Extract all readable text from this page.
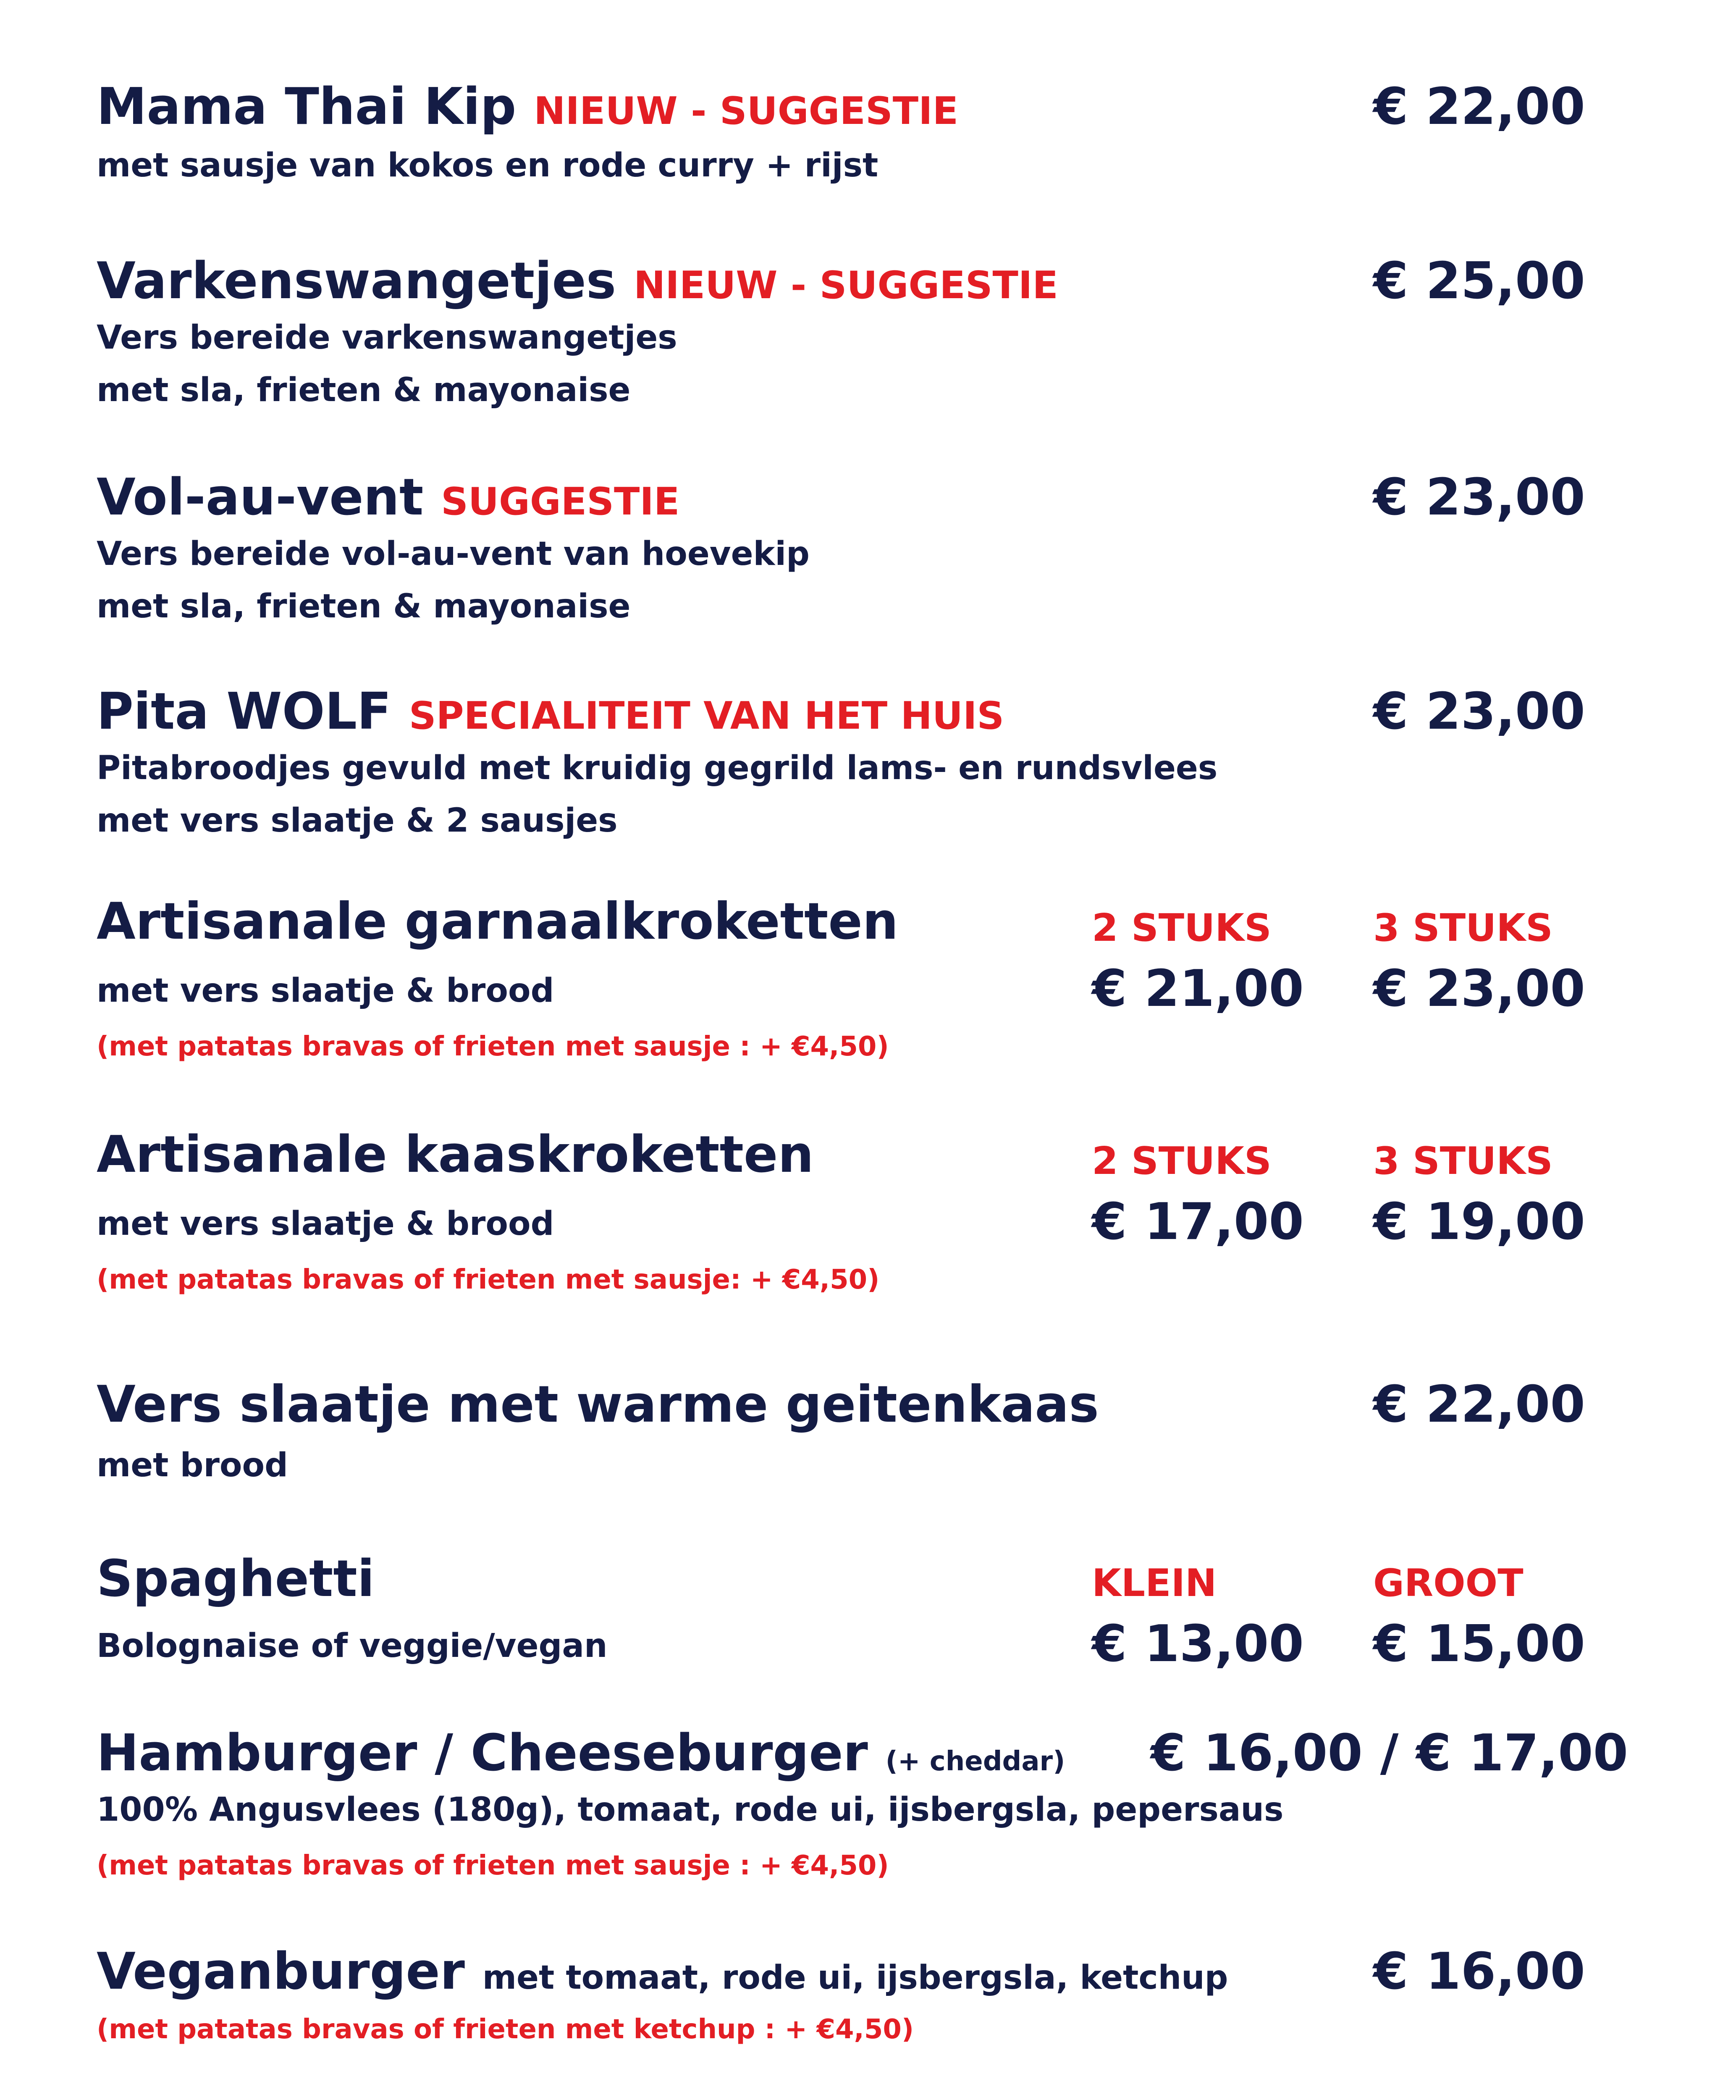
Mama Thai Kip NIEUW - SUGGESTIE	€ 22,00
met sausje van kokos en rode curry + rijst
Varkenswangetjes NIEUW - SUGGESTIE	€ 25,00
Vers bereide varkenswangetjes
met sla, frieten & mayonaise
Vol-au-vent SUGGESTIE	€ 23,00
Vers bereide vol-au-vent van hoevekip
met sla, frieten & mayonaise
Pita WOLF SPECIALITEIT VAN HET HUIS	€ 23,00
Pitabroodjes gevuld met kruidig gegrild lams- en rundsvlees
met vers slaatje & 2 sausjes
Artisanale garnaalkroketten	2 STUKS	3 STUKS
met vers slaatje & brood	€ 21,00 € 23,00
(met patatas bravas of frieten met sausje : + €4,50)
Artisanale kaaskroketten	2 STUKS	3 STUKS
met vers slaatje & brood	€ 17,00 € 19,00
(met patatas bravas of frieten met sausje: + €4,50)
Vers slaatje met warme geitenkaas	€ 22,00
met brood
Spaghetti	KLEIN	GROOT
Bolognaise of veggie/vegan	€ 13,00 € 15,00
Hamburger / Cheeseburger (+ cheddar) € 16,00 / € 17,00
100% Angusvlees (180g), tomaat, rode ui, ijsbergsla, pepersaus
(met patatas bravas of frieten met sausje : + €4,50)
Veganburger met tomaat, rode ui, ijsbergsla, ketchup	€ 16,00
(met patatas bravas of frieten met ketchup : + €4,50)
